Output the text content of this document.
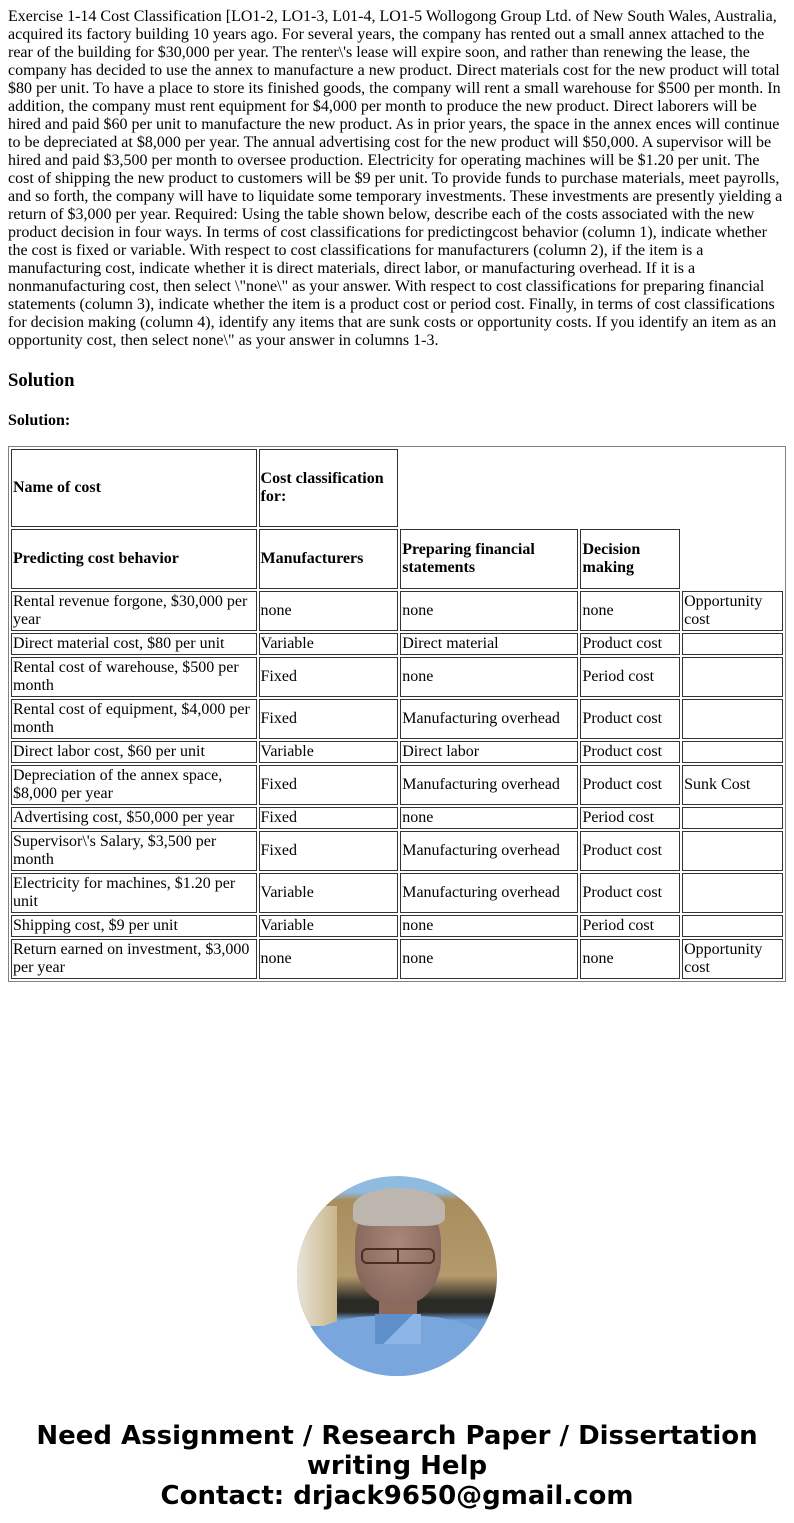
Exercise 1-14 Cost Classification [LO1-2, LO1-3, L01-4, LO1-5 Wollogong Group Ltd. of New South Wales, Australia, acquired its factory building 10 years ago. For several years, the company has rented out a small annex attached to the rear of the building for $30,000 per year. The renter\'s lease will expire soon, and rather than renewing the lease, the company has decided to use the annex to manufacture a new product. Direct materials cost for the new product will total $80 per unit. To have a place to store its finished goods, the company will rent a small warehouse for $500 per month. In addition, the company must rent equipment for $4,000 per month to produce the new product. Direct laborers will be hired and paid $60 per unit to manufacture the new product. As in prior years, the space in the annex ences will continue to be depreciated at $8,000 per year. The annual advertising cost for the new product will $50,000. A supervisor will be hired and paid $3,500 per month to oversee production. Electricity for operating machines will be $1.20 per unit. The cost of shipping the new product to customers will be $9 per unit. To provide funds to purchase materials, meet payrolls, and so forth, the company will have to liquidate some temporary investments. These investments are presently yielding a return of $3,000 per year. Required: Using the table shown below, describe each of the costs associated with the new product decision in four ways. In terms of cost classifications for predictingcost behavior (column 1), indicate whether the cost is fixed or variable. With respect to cost classifications for manufacturers (column 2), if the item is a manufacturing cost, indicate whether it is direct materials, direct labor, or manufacturing overhead. If it is a nonmanufacturing cost, then select \"none\" as your answer. With respect to cost classifications for preparing financial statements (column 3), indicate whether the item is a product cost or period cost. Finally, in terms of cost classifications for decision making (column 4), identify any items that are sunk costs or opportunity costs. If you identify an item as an opportunity cost, then select none\" as your answer in columns 1-3.

Solution
Solution:
Name of cost	Cost classification for:			
Predicting cost behavior	Manufacturers	Preparing financial statements	Decision making	
Rental revenue forgone, $30,000 per year	none	none	none	Opportunity cost
Direct material cost, $80 per unit	Variable	Direct material	Product cost	
Rental cost of warehouse, $500 per month	Fixed	none	Period cost	
Rental cost of equipment, $4,000 per month	Fixed	Manufacturing overhead	Product cost	
Direct labor cost, $60 per unit	Variable	Direct labor	Product cost	
Depreciation of the annex space, $8,000 per year	Fixed	Manufacturing overhead	Product cost	Sunk Cost
Advertising cost, $50,000 per year	Fixed	none	Period cost	
Supervisor\'s Salary, $3,500 per month	Fixed	Manufacturing overhead	Product cost	
Electricity for machines, $1.20 per unit	Variable	Manufacturing overhead	Product cost	
Shipping cost, $9 per unit	Variable	none	Period cost	
Return earned on investment, $3,000 per year	none	none	none	Opportunity cost
Need Assignment / Research Paper / Dissertation writing Help
Contact: drjack9650@gmail.com
